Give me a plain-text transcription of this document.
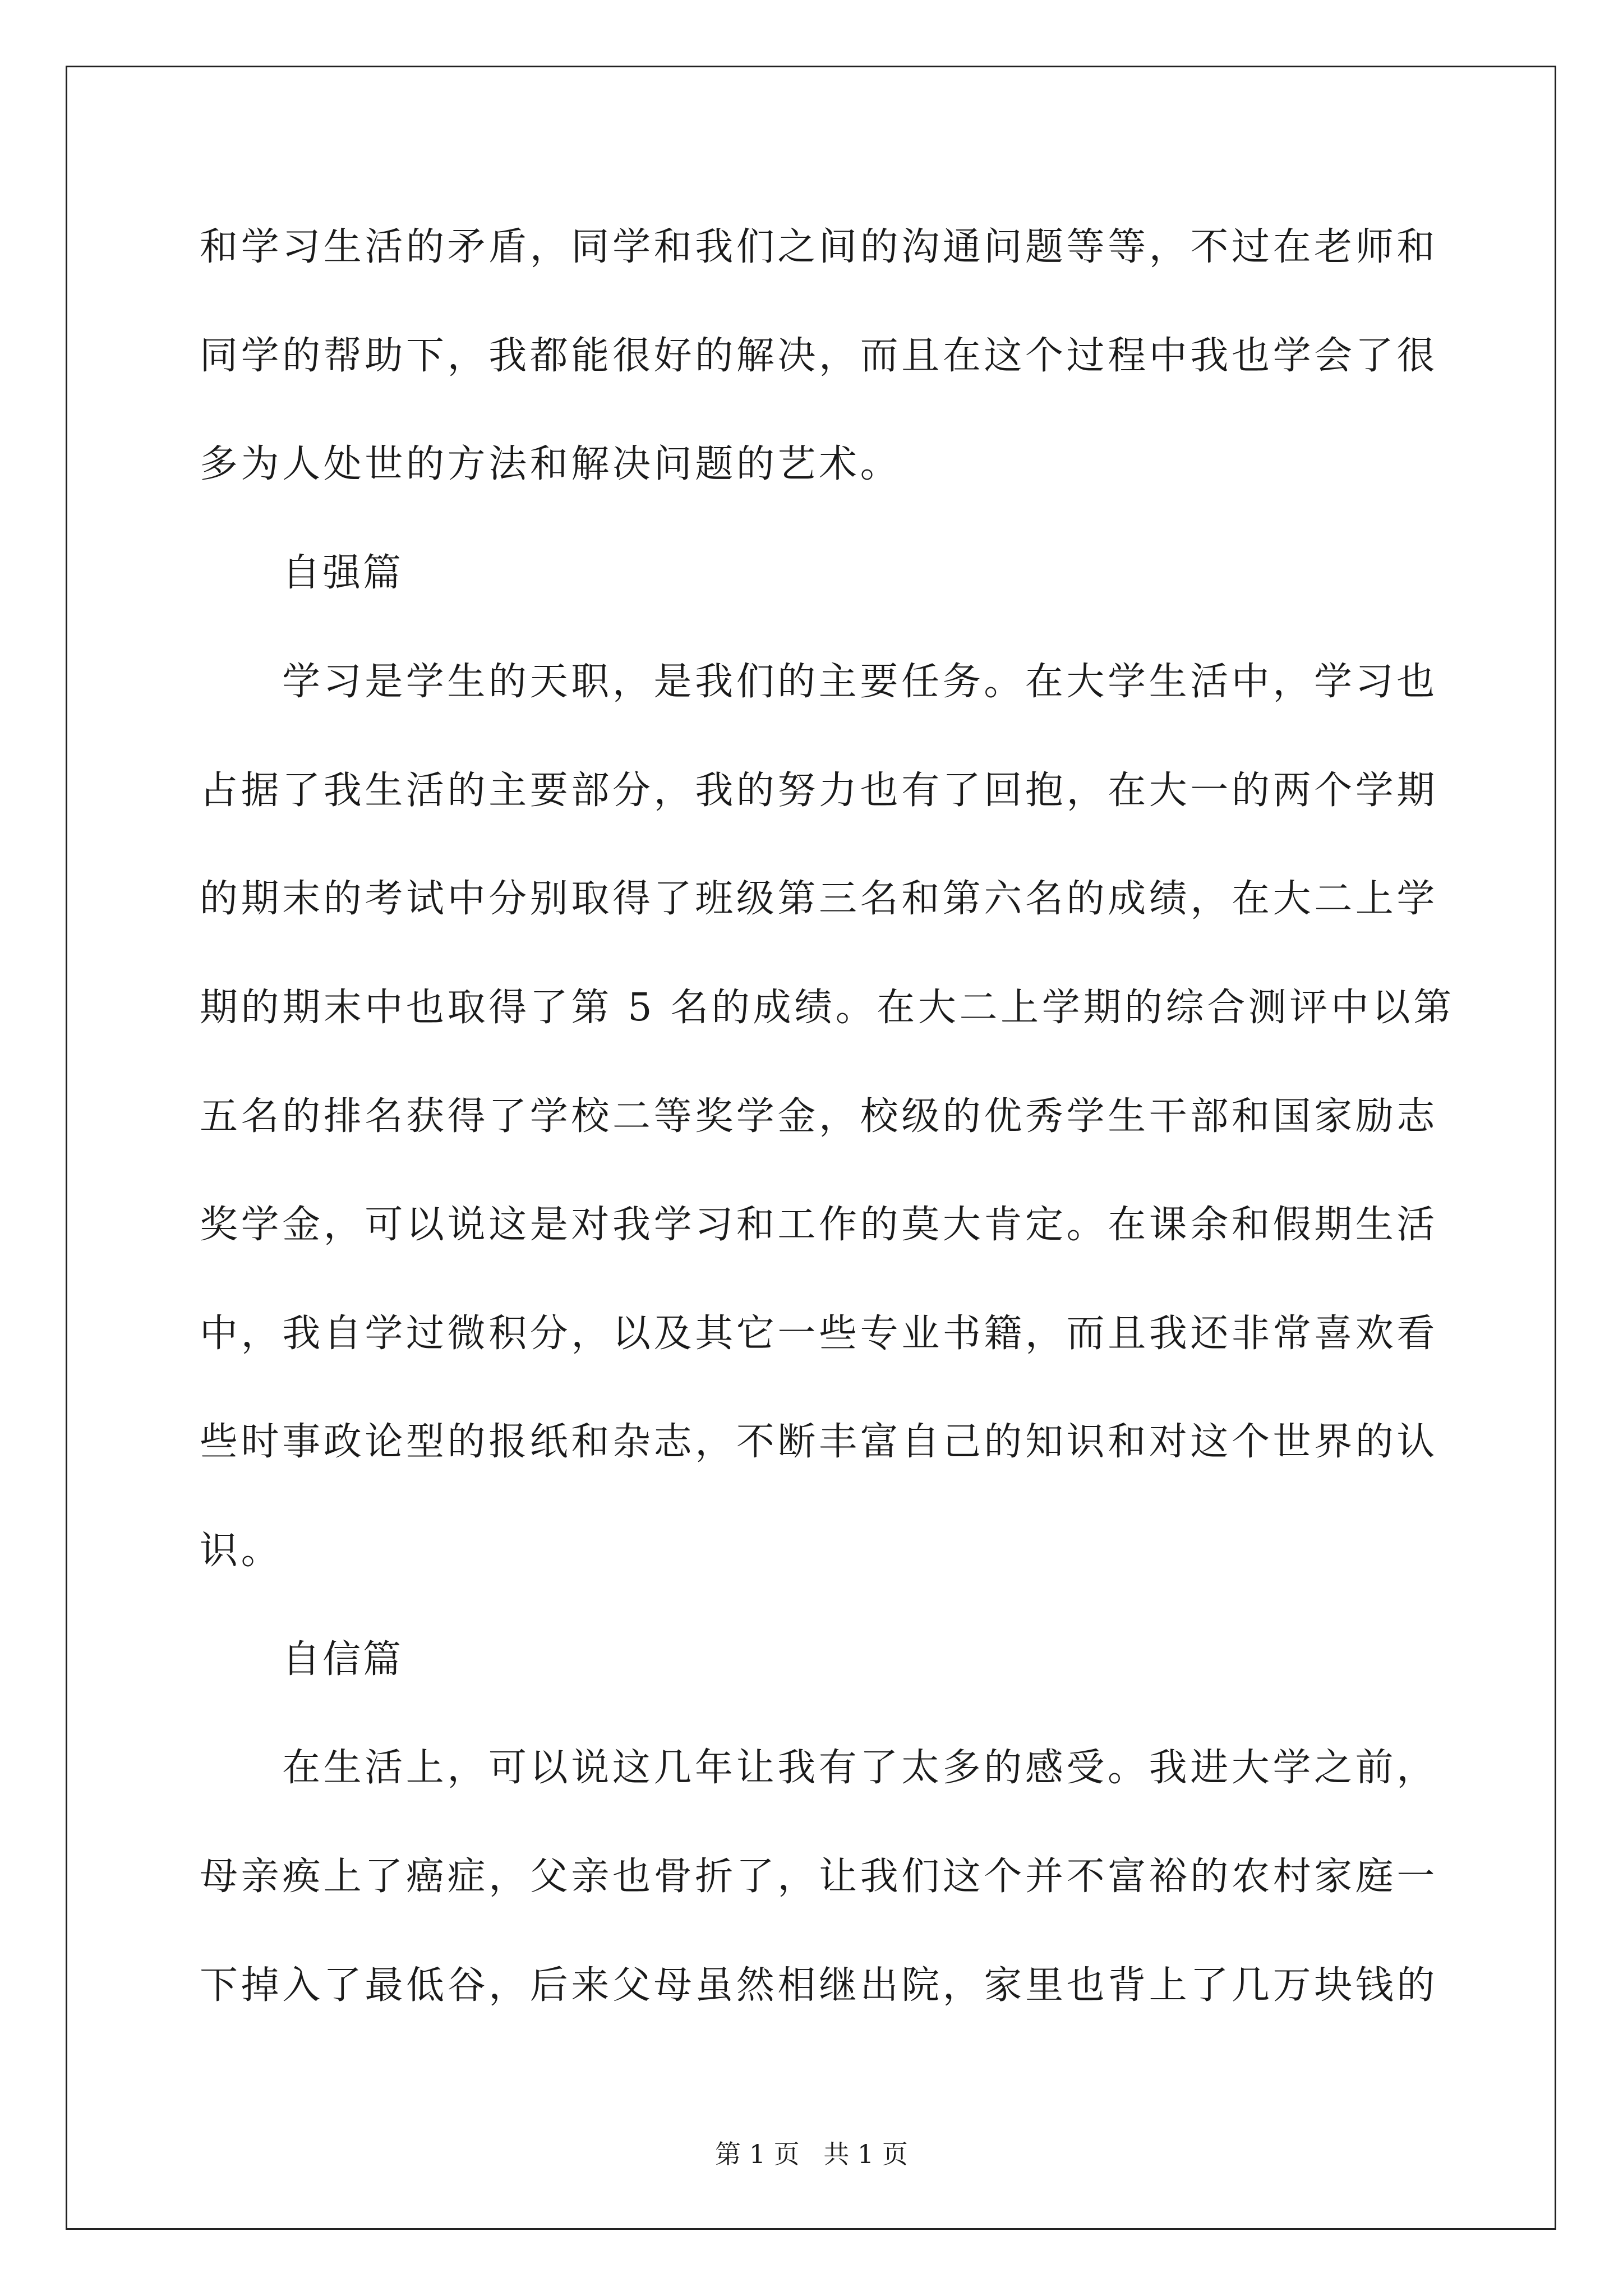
和学习生活的矛盾，同学和我们之间的沟通问题等等，不过在老师和
同学的帮助下，我都能很好的解决，而且在这个过程中我也学会了很
多为人处世的方法和解决问题的艺术。
自强篇
学习是学生的天职，是我们的主要任务。在大学生活中，学习也
占据了我生活的主要部分，我的努力也有了回抱，在大一的两个学期
的期末的考试中分别取得了班级第三名和第六名的成绩，在大二上学
期的期末中也取得了第 5 名的成绩。在大二上学期的综合测评中以第
五名的排名获得了学校二等奖学金，校级的优秀学生干部和国家励志
奖学金，可以说这是对我学习和工作的莫大肯定。在课余和假期生活
中，我自学过微积分，以及其它一些专业书籍，而且我还非常喜欢看
些时事政论型的报纸和杂志，不断丰富自己的知识和对这个世界的认
识。
自信篇
在生活上，可以说这几年让我有了太多的感受。我进大学之前，
母亲痪上了癌症，父亲也骨折了，让我们这个并不富裕的农村家庭一
下掉入了最低谷，后来父母虽然相继出院，家里也背上了几万块钱的
第 1 页 共 1 页
